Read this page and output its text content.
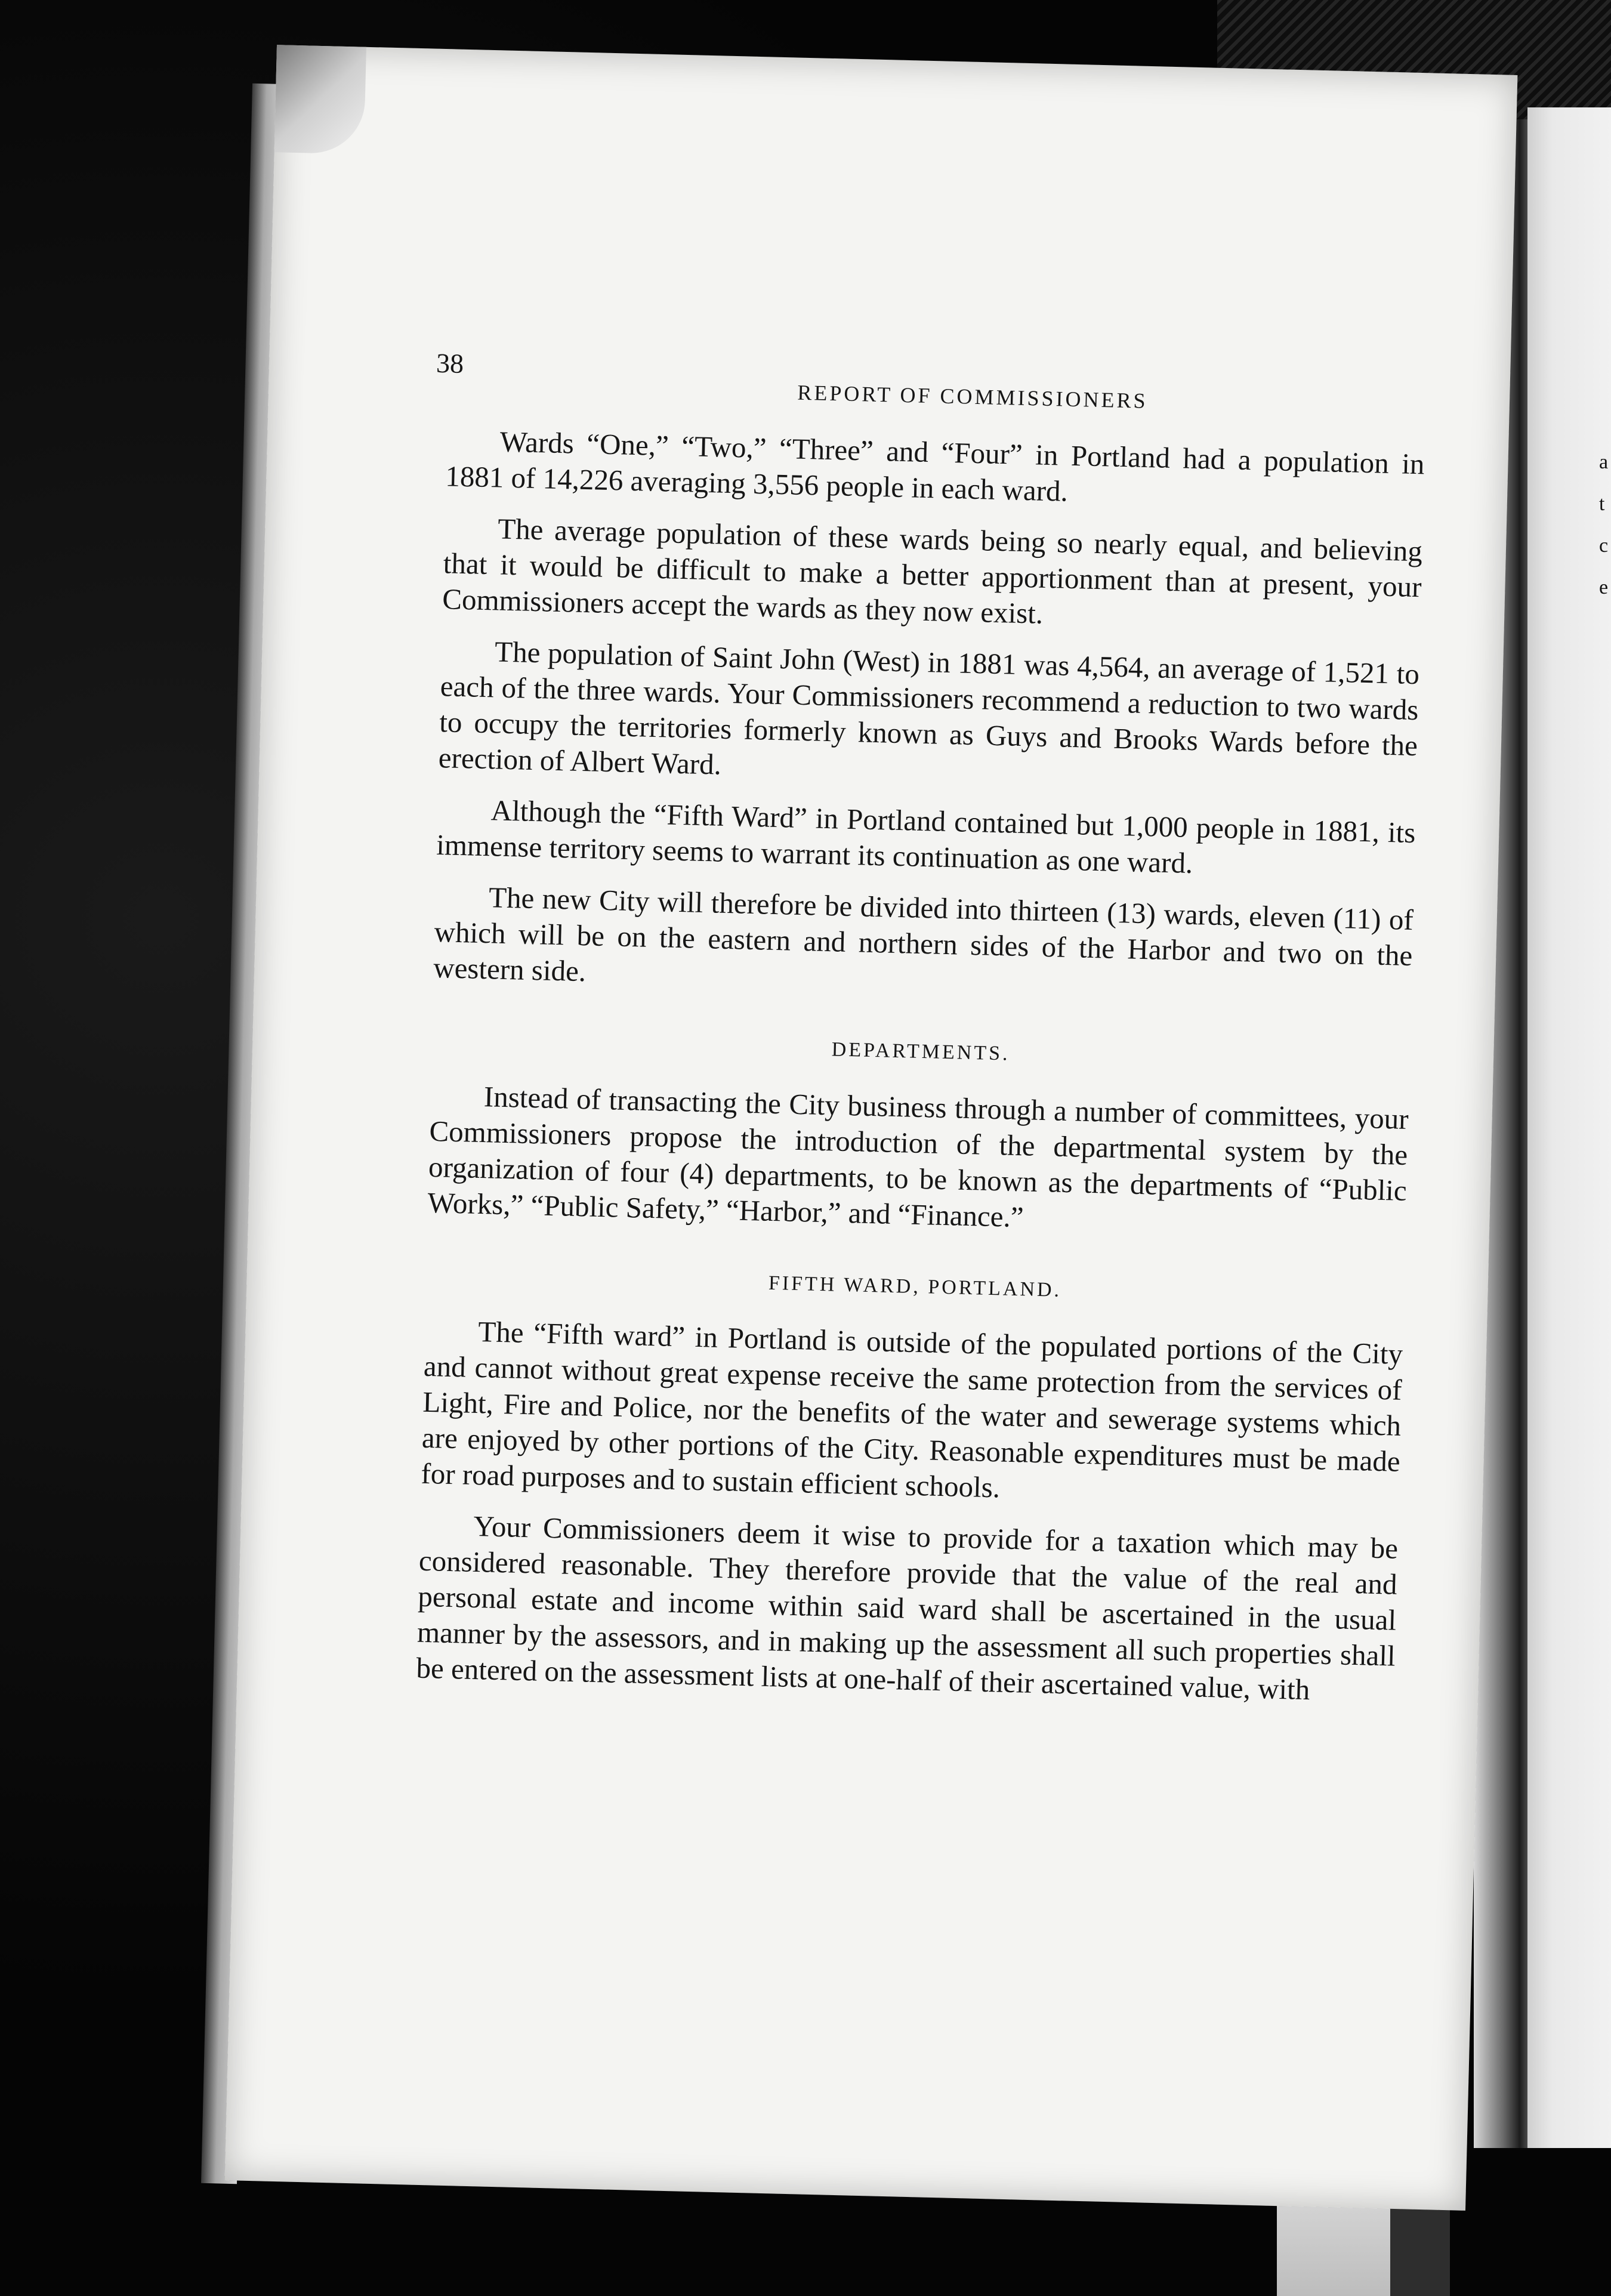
a
t
c
e
38
REPORT OF COMMISSIONERS

Wards “One,” “Two,” “Three” and “Four” in Portland had a population in 1881 of 14,226 averaging 3,556 people in each ward.

The average population of these wards being so nearly equal, and believing that it would be difficult to make a better apportionment than at present, your Commissioners accept the wards as they now exist.

The population of Saint John (West) in 1881 was 4,564, an average of 1,521 to each of the three wards. Your Commissioners recommend a reduction to two wards to occupy the territories formerly known as Guys and Brooks Wards before the erection of Albert Ward.

Although the “Fifth Ward” in Portland contained but 1,000 people in 1881, its immense territory seems to warrant its continuation as one ward.

The new City will therefore be divided into thirteen (13) wards, eleven (11) of which will be on the eastern and northern sides of the Harbor and two on the western side.

DEPARTMENTS.

Instead of transacting the City business through a number of committees, your Commissioners propose the introduction of the departmental system by the organization of four (4) departments, to be known as the departments of “Public Works,” “Public Safety,” “Harbor,” and “Finance.”

FIFTH WARD, PORTLAND.

The “Fifth ward” in Portland is outside of the populated portions of the City and cannot without great expense receive the same protection from the services of Light, Fire and Police, nor the benefits of the water and sewerage systems which are enjoyed by other portions of the City. Reasonable expenditures must be made for road purposes and to sustain efficient schools.

Your Commissioners deem it wise to provide for a taxation which may be considered reasonable. They therefore provide that the value of the real and personal estate and income within said ward shall be ascertained in the usual manner by the assessors, and in making up the assessment all such properties shall be entered on the assessment lists at one-half of their ascertained value, with
